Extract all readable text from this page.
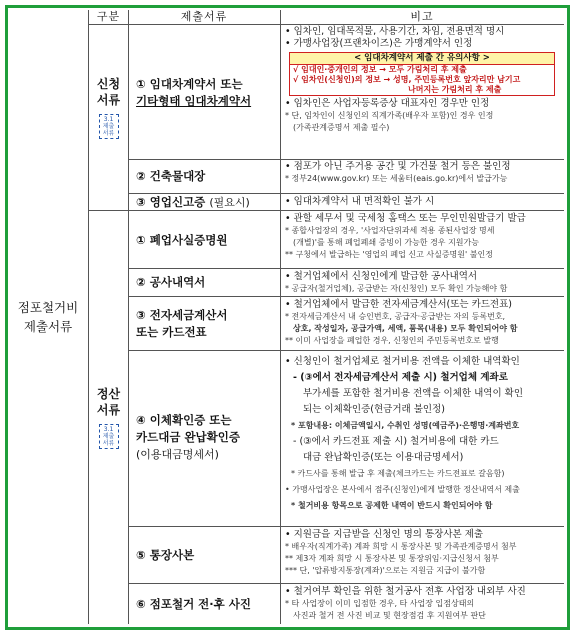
구분	제출서류	비고
점포철거비
제출서류
신청
서류
3.1
제출
서류
정산
서류
3.1
제출
서류
① 임대차계약서 또는
기타형태 임대차계약서
② 건축물대장
③ 영업신고증 (필요시)
① 폐업사실증명원
② 공사내역서
③ 전자세금계산서
또는 카드전표
④ 이체확인증 또는
카드대금 완납확인증
(이용대금명세서)
⑤ 통장사본
⑥ 점포철거 전·후 사진

• 임차인, 임대목적물, 사용기간, 차임, 전용면적 명시

• 가맹사업장(프랜차이즈)은 가맹계약서 인정

< 임대차계약서 제출 간 유의사항 >
√ 임대인·중개인의 정보 → 모두 가림처리 후 제출
√ 임차인(신청인)의 정보 → 성명, 주민등록번호 앞자리만 남기고
나머지는 가림처리 후 제출

• 임차인은 사업자등록증상 대표자인 경우만 인정

* 단, 임차인이 신청인의 직계가족(배우자 포함)인 경우 인정

(가족관계증명서 제출 필수)

• 점포가 아닌 주거용 공간 및 가건물 철거 등은 불인정

* 정부24(www.gov.kr) 또는 세움터(eais.go.kr)에서 발급가능

• 임대차계약서 내 면적확인 불가 시

• 관할 세무서 및 국세청 홈택스 또는 무인민원발급기 발급

* 종합사업장의 경우, '사업자단위과세 적용 종된사업장 명세

(개별)'를 통해 폐업폐쇄 증빙이 가능한 경우 지원가능

** 구청에서 발급하는 '영업의 폐업 신고 사실증명원' 불인정

• 철거업체에서 신청인에게 발급한 공사내역서

* 공급자(철거업체), 공급받는 자(신청인) 모두 확인 가능해야 함

• 철거업체에서 발급한 전자세금계산서(또는 카드전표)

* 전자세금계산서 내 승인번호, 공급자·공급받는 자의 등록번호,

상호, 작성일자, 공급가액, 세액, 품목(내용) 모두 확인되어야 함

** 이미 사업장을 폐업한 경우, 신청인의 주민등록번호로 발행

• 신청인이 철거업체로 철거비용 전액을 이체한 내역확인

- (③에서 전자세금계산서 제출 시) 철거업체 계좌로

부가세를 포함한 철거비용 전액을 이체한 내역이 확인

되는 이체확인증(현금거래 불인정)

* 포함내용: 이체금액일시, 수취인 성명(예금주)·은행명·계좌번호

- (③에서 카드전표 제출 시) 철거비용에 대한 카드

대금 완납확인증(또는 이용대금명세서)

* 카드사를 통해 발급 후 제출(체크카드는 카드전표로 갈음함)

• 가맹사업장은 본사에서 점주(신청인)에게 발행한 정산내역서 제출

* 철거비용 항목으로 공제한 내역이 반드시 확인되어야 함

• 지원금을 지급받을 신청인 명의 통장사본 제출

* 배우자(직계가족) 계좌 희망 시 통장사본 및 가족관계증명서 첨부

** 제3자 계좌 희망 시 통장사본 및 통장위임·지급신청서 첨부

*** 단, '압류방지통장(계좌)'으로는 지원금 지급이 불가함

• 철거여부 확인을 위한 철거공사 전후 사업장 내외부 사진

* 타 사업장이 이미 입점한 경우, 타 사업장 입점상태의

사진과 철거 전 사진 비교 및 현장점검 후 지원여부 판단
